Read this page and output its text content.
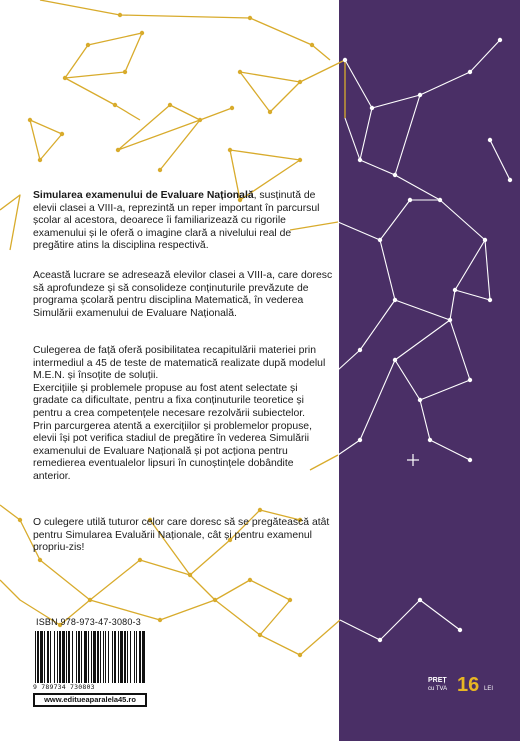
Simularea examenului de Evaluare Națională, susținută de elevii clasei a VIII-a, reprezintă un reper important în parcursul școlar al acestora, deoarece îi familiarizează cu rigorile examenului și le oferă o imagine clară a nivelului real de pregătire atins la disciplina respectivă.

Această lucrare se adresează elevilor clasei a VIII-a, care doresc să aprofundeze și să consolideze conținuturile prevăzute de programa școlară pentru disciplina Matematică, în vederea Simulării examenului de Evaluare Națională.

Culegerea de față oferă posibilitatea recapitulării materiei prin intermediul a 45 de teste de matematică realizate după modelul M.E.N. și însoțite de soluții.

Exercițiile și problemele propuse au fost atent selectate și gradate ca dificultate, pentru a fixa conținuturile teoretice și pentru a crea competențele necesare rezolvării subiectelor.

Prin parcurgerea atentă a exercițiilor și problemelor propuse, elevii își pot verifica stadiul de pregătire în vederea Simulării examenului de Evaluare Națională și pot acționa pentru remedierea eventualelor lipsuri în cunoștințele dobândite anterior.

O culegere utilă tuturor celor care doresc să se pregătească atât pentru Simularea Evaluării Naționale, cât și pentru examenul propriu-zis!

ISBN 978-973-47-3080-3
9 789734 730803
www.editueaparalela45.ro
PREȚ
cu TVA 16 LEI
